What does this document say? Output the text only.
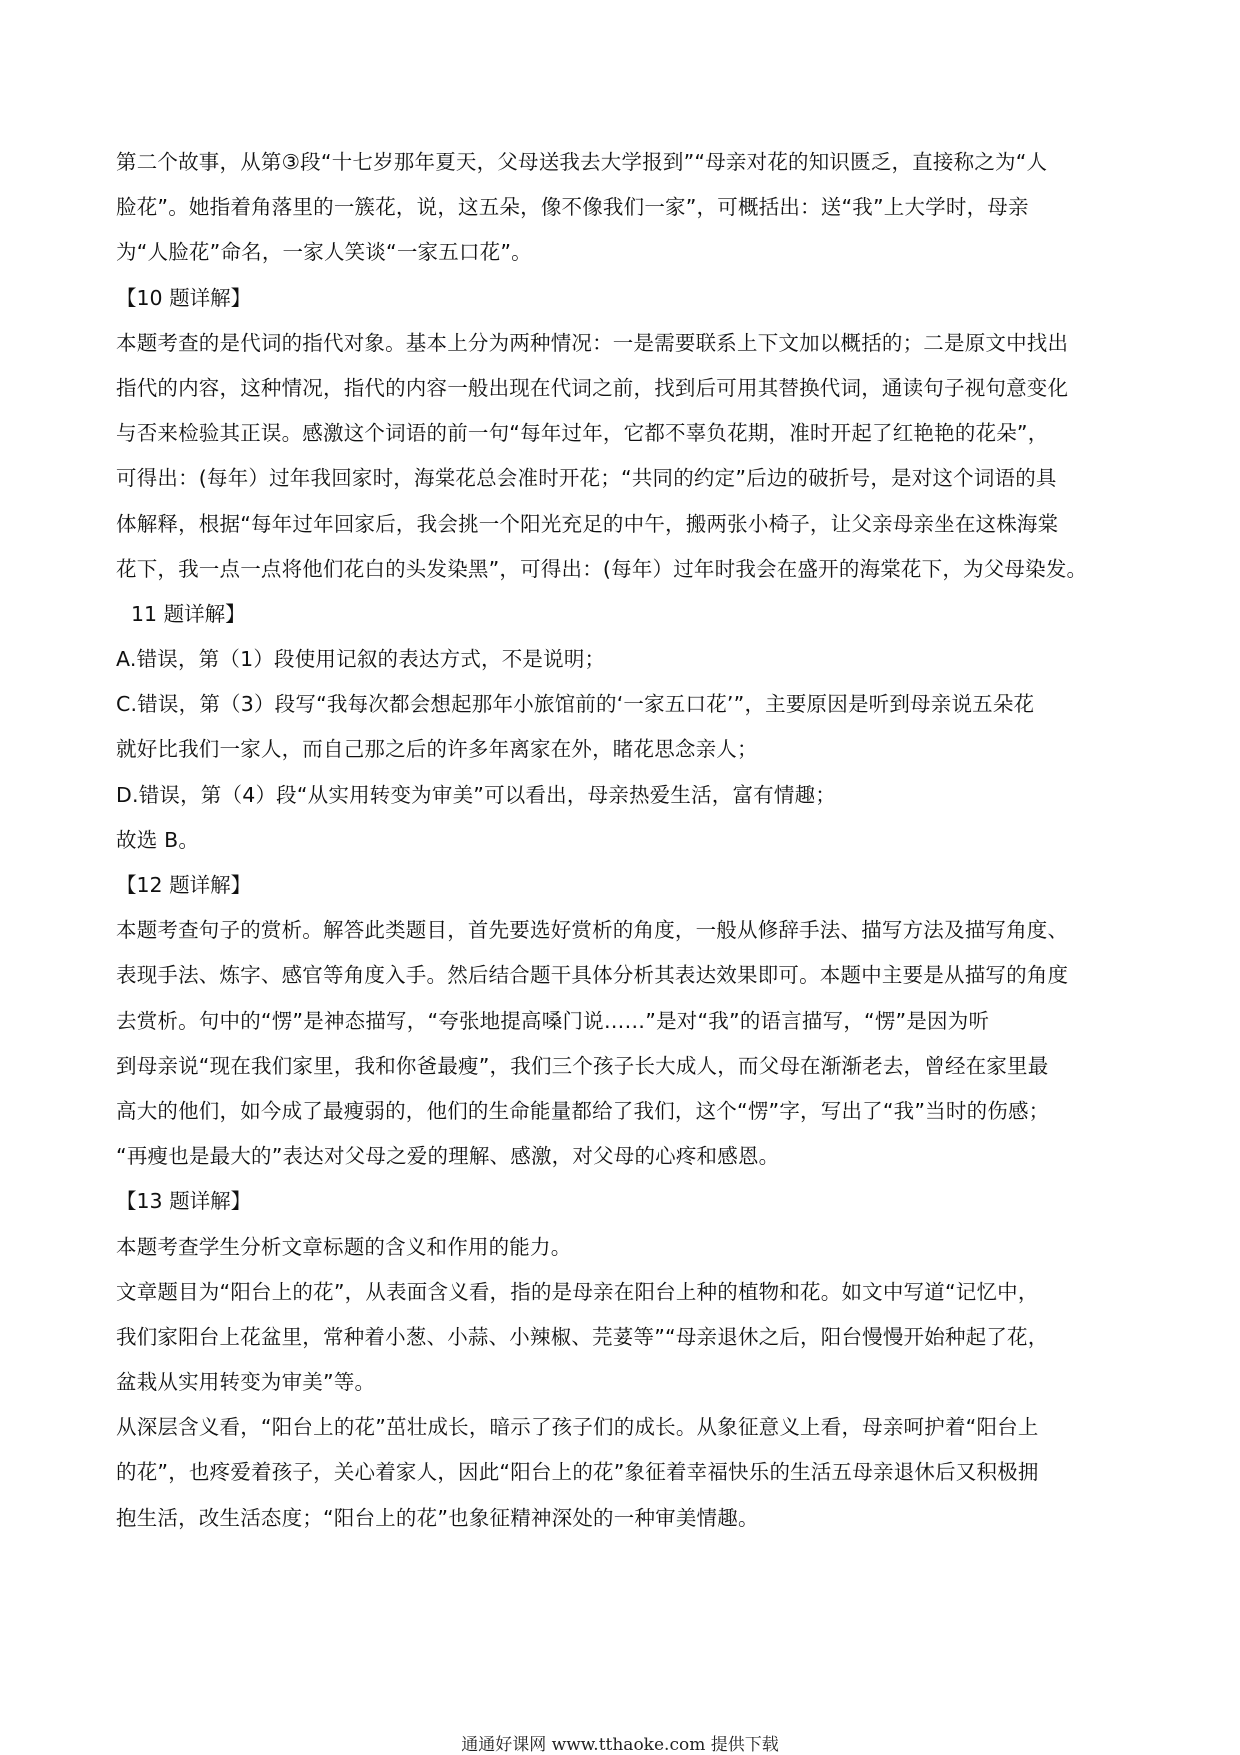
第二个故事，从第③段“十七岁那年夏天，父母送我去大学报到”“母亲对花的知识匮乏，直接称之为“人
脸花”。她指着角落里的一簇花，说，这五朵，像不像我们一家”，可概括出：送“我”上大学时，母亲
为“人脸花”命名，一家人笑谈“一家五口花”。
【10 题详解】
本题考查的是代词的指代对象。基本上分为两种情况：一是需要联系上下文加以概括的；二是原文中找出
指代的内容，这种情况，指代的内容一般出现在代词之前，找到后可用其替换代词，通读句子视句意变化
与否来检验其正误。感激这个词语的前一句“每年过年，它都不辜负花期，准时开起了红艳艳的花朵”，
可得出：(每年）过年我回家时，海棠花总会准时开花；“共同的约定”后边的破折号，是对这个词语的具
体解释，根据“每年过年回家后，我会挑一个阳光充足的中午，搬两张小椅子，让父亲母亲坐在这株海棠
花下，我一点一点将他们花白的头发染黑”，可得出：(每年）过年时我会在盛开的海棠花下，为父母染发。
11 题详解】
A.错误，第（1）段使用记叙的表达方式，不是说明；
C.错误，第（3）段写“我每次都会想起那年小旅馆前的‘一家五口花’”，主要原因是听到母亲说五朵花
就好比我们一家人，而自己那之后的许多年离家在外，睹花思念亲人；
D.错误，第（4）段“从实用转变为审美”可以看出，母亲热爱生活，富有情趣；
故选 B。
【12 题详解】
本题考查句子的赏析。解答此类题目，首先要选好赏析的角度，一般从修辞手法、描写方法及描写角度、
表现手法、炼字、感官等角度入手。然后结合题干具体分析其表达效果即可。本题中主要是从描写的角度
去赏析。句中的“愣”是神态描写，“夸张地提高嗓门说……”是对“我”的语言描写，“愣”是因为听
到母亲说“现在我们家里，我和你爸最瘦”，我们三个孩子长大成人，而父母在渐渐老去，曾经在家里最
高大的他们，如今成了最瘦弱的，他们的生命能量都给了我们，这个“愣”字，写出了“我”当时的伤感；
“再瘦也是最大的”表达对父母之爱的理解、感激，对父母的心疼和感恩。
【13 题详解】
本题考查学生分析文章标题的含义和作用的能力。
文章题目为“阳台上的花”，从表面含义看，指的是母亲在阳台上种的植物和花。如文中写道“记忆中，
我们家阳台上花盆里，常种着小葱、小蒜、小辣椒、芫荽等”“母亲退休之后，阳台慢慢开始种起了花，
盆栽从实用转变为审美”等。
从深层含义看，“阳台上的花”茁壮成长，暗示了孩子们的成长。从象征意义上看，母亲呵护着“阳台上
的花”，也疼爱着孩子，关心着家人，因此“阳台上的花”象征着幸福快乐的生活五母亲退休后又积极拥
抱生活，改生活态度；“阳台上的花”也象征精神深处的一种审美情趣。
通通好课网 www.tthaoke.com 提供下载
